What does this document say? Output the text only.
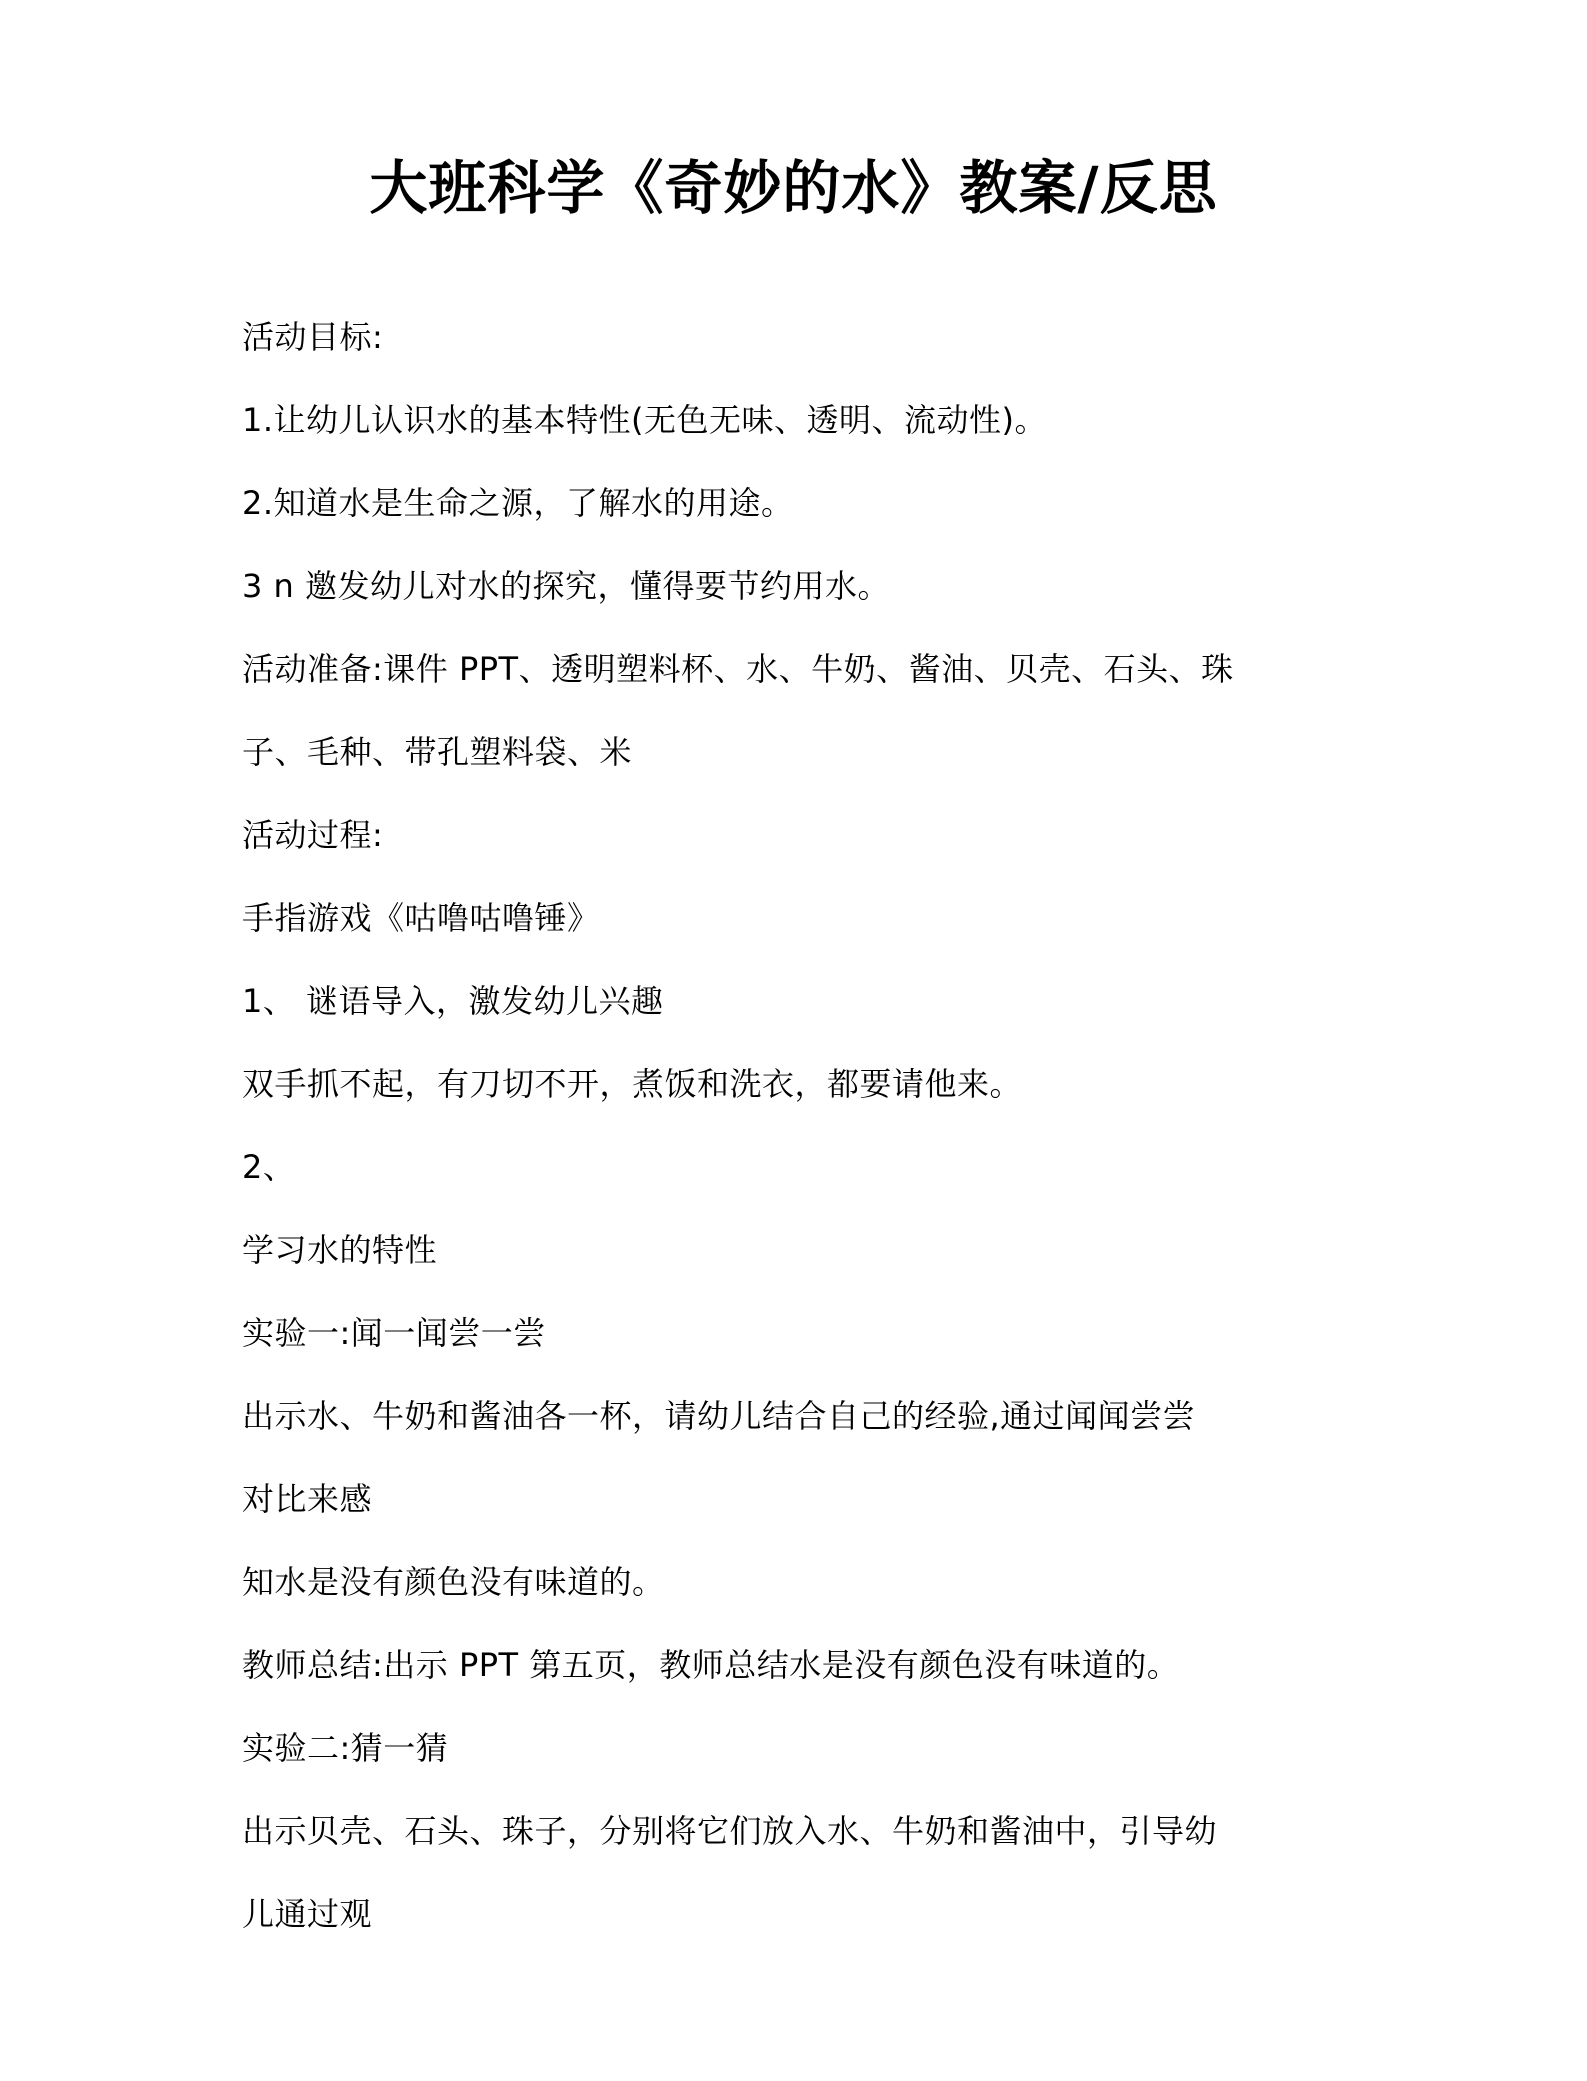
大班科学《奇妙的水》教案/反思
活动目标:
1.让幼儿认识水的基本特性(无色无味、透明、流动性)。
2.知道水是生命之源，了解水的用途。
3 n 邀发幼儿对水的探究，懂得要节约用水。
活动准备:课件 PPT、透明塑料杯、水、牛奶、酱油、贝壳、石头、珠
子、毛种、带孔塑料袋、米
活动过程:
手指游戏《咕噜咕噜锤》
1、 谜语导入，激发幼儿兴趣
双手抓不起，有刀切不开，煮饭和洗衣，都要请他来。
2、
学习水的特性
实验一:闻一闻尝一尝
出示水、牛奶和酱油各一杯，请幼儿结合自己的经验,通过闻闻尝尝
对比来感
知水是没有颜色没有味道的。
教师总结:出示 PPT 第五页，教师总结水是没有颜色没有味道的。
实验二:猜一猜
出示贝壳、石头、珠子，分别将它们放入水、牛奶和酱油中，引导幼
儿通过观
